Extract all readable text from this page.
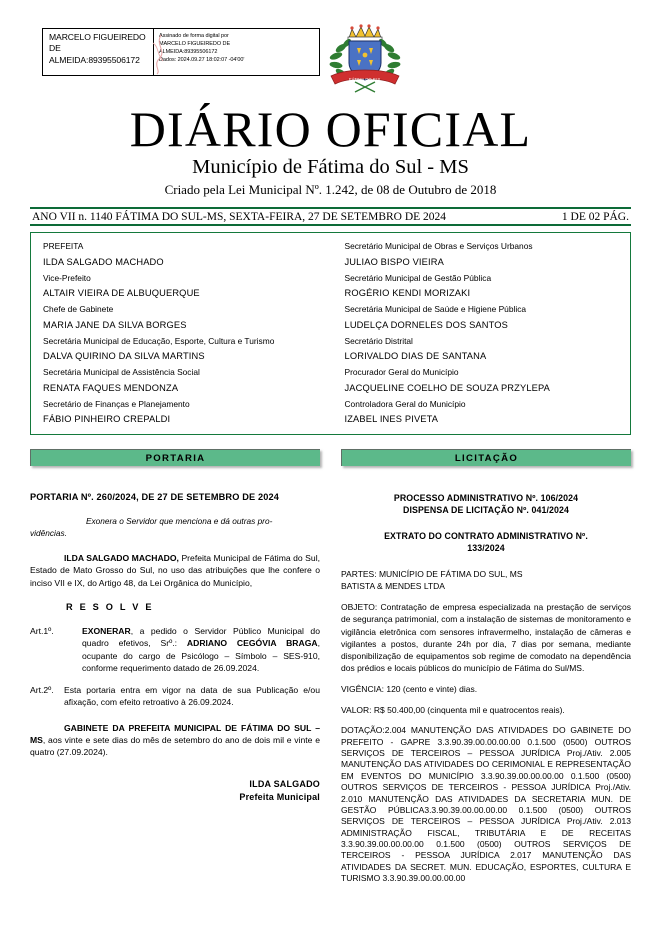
MARCELO FIGUEIREDO DE ALMEIDA:89395506172
Assinado de forma digital por
MARCELO FIGUEIREDO DE
ALMEIDA:89395506172
Dados: 2024.09.27 18:02:07 -04'00'
FÁTIMA DO SUL
DIÁRIO OFICIAL
Município de Fátima do Sul - MS
Criado pela Lei Municipal Nº. 1.242, de 08 de Outubro de 2018
ANO VII n. 1140 FÁTIMA DO SUL-MS, SEXTA-FEIRA, 27 DE SETEMBRO DE 2024	1 DE 02 PÁG.
PREFEITA
ILDA SALGADO MACHADO
Vice-Prefeito
ALTAIR VIEIRA DE ALBUQUERQUE
Chefe de Gabinete
MARIA JANE DA SILVA BORGES
Secretária Municipal de Educação, Esporte, Cultura e Turismo
DALVA QUIRINO DA SILVA MARTINS
Secretária Municipal de Assistência Social
RENATA FAQUES MENDONZA
Secretário de Finanças e Planejamento
FÁBIO PINHEIRO CREPALDI
Secretário Municipal de Obras e Serviços Urbanos
JULIAO BISPO VIEIRA
Secretário Municipal de Gestão Pública
ROGÉRIO KENDI MORIZAKI
Secretária Municipal de Saúde e Higiene Pública
LUDELÇA DORNELES DOS SANTOS
Secretário Distrital
LORIVALDO DIAS DE SANTANA
Procurador Geral do Município
JACQUELINE COELHO DE SOUZA PRZYLEPA
Controladora Geral do Município
IZABEL INES PIVETA
PORTARIA	LICITAÇÃO

PORTARIA Nº. 260/2024, DE 27 DE SETEMBRO DE 2024

Exonera o Servidor que menciona e dá outras pro-
vidências.

ILDA SALGADO MACHADO, Prefeita Municipal de Fátima do Sul, Estado de Mato Grosso do Sul, no uso das atribuições que lhe confere o inciso VII e IX, do Artigo 48, da Lei Orgânica do Município,

R E S O L V E

Art.1º.	EXONERAR, a pedido o Servidor Público Municipal do quadro efetivos, Srº.: ADRIANO CEGÓVIA BRAGA, ocupante do cargo de Psicólogo – Símbolo – SES-910, conforme requerimento datado de 26.09.2024.
Art.2º.	Esta portaria entra em vigor na data de sua Publicação e/ou afixação, com efeito retroativo à 26.09.2024.

GABINETE DA PREFEITA MUNICIPAL DE FÁTIMA DO SUL – MS, aos vinte e sete dias do mês de setembro do ano de dois mil e vinte e quatro (27.09.2024).

ILDA SALGADO
Prefeita Municipal

PROCESSO ADMINISTRATIVO Nº. 106/2024

DISPENSA DE LICITAÇÃO Nº. 041/2024

EXTRATO DO CONTRATO ADMINISTRATIVO Nº.

133/2024

PARTES: MUNICÍPIO DE FÁTIMA DO SUL, MS

BATISTA & MENDES LTDA

OBJETO: Contratação de empresa especializada na prestação de serviços de segurança patrimonial, com a instalação de sistemas de monitoramento e vigilância eletrônica com sensores infravermelho, instalação de câmeras e vigilantes a postos, durante 24h por dia, 7 dias por semana, mediante disponibilização de equipamentos sob regime de comodato na dependência dos prédios e locais públicos do município de Fátima do Sul/MS.

VIGÊNCIA: 120 (cento e vinte) dias.

VALOR: R$ 50.400,00 (cinquenta mil e quatrocentos reais).

DOTAÇÃO:2.004 MANUTENÇÃO DAS ATIVIDADES DO GABINETE DO PREFEITO - GAPRE 3.3.90.39.00.00.00.00 0.1.500 (0500) OUTROS SERVIÇOS DE TERCEIROS – PESSOA JURÍDICA Proj./Ativ. 2.005 MANUTENÇÃO DAS ATIVIDADES DO CERIMONIAL E REPRESENTAÇÃO EM EVENTOS DO MUNICÍPIO 3.3.90.39.00.00.00.00 0.1.500 (0500) OUTROS SERVIÇOS DE TERCEIROS - PESSOA JURÍDICA Proj./Ativ. 2.010 MANUTENÇÃO DAS ATIVIDADES DA SECRETARIA MUN. DE GESTÃO PÚBLICA3.3.90.39.00.00.00.00 0.1.500 (0500) OUTROS SERVIÇOS DE TERCEIROS – PESSOA JURÍDICA Proj./Ativ. 2.013 ADMINISTRAÇÃO FISCAL, TRIBUTÁRIA E DE RECEITAS 3.3.90.39.00.00.00.00 0.1.500 (0500) OUTROS SERVIÇOS DE TERCEIROS - PESSOA JURÍDICA 2.017 MANUTENÇÃO DAS ATIVIDADES DA SECRET. MUN. EDUCAÇÃO, ESPORTES, CULTURA E TURISMO 3.3.90.39.00.00.00.00
